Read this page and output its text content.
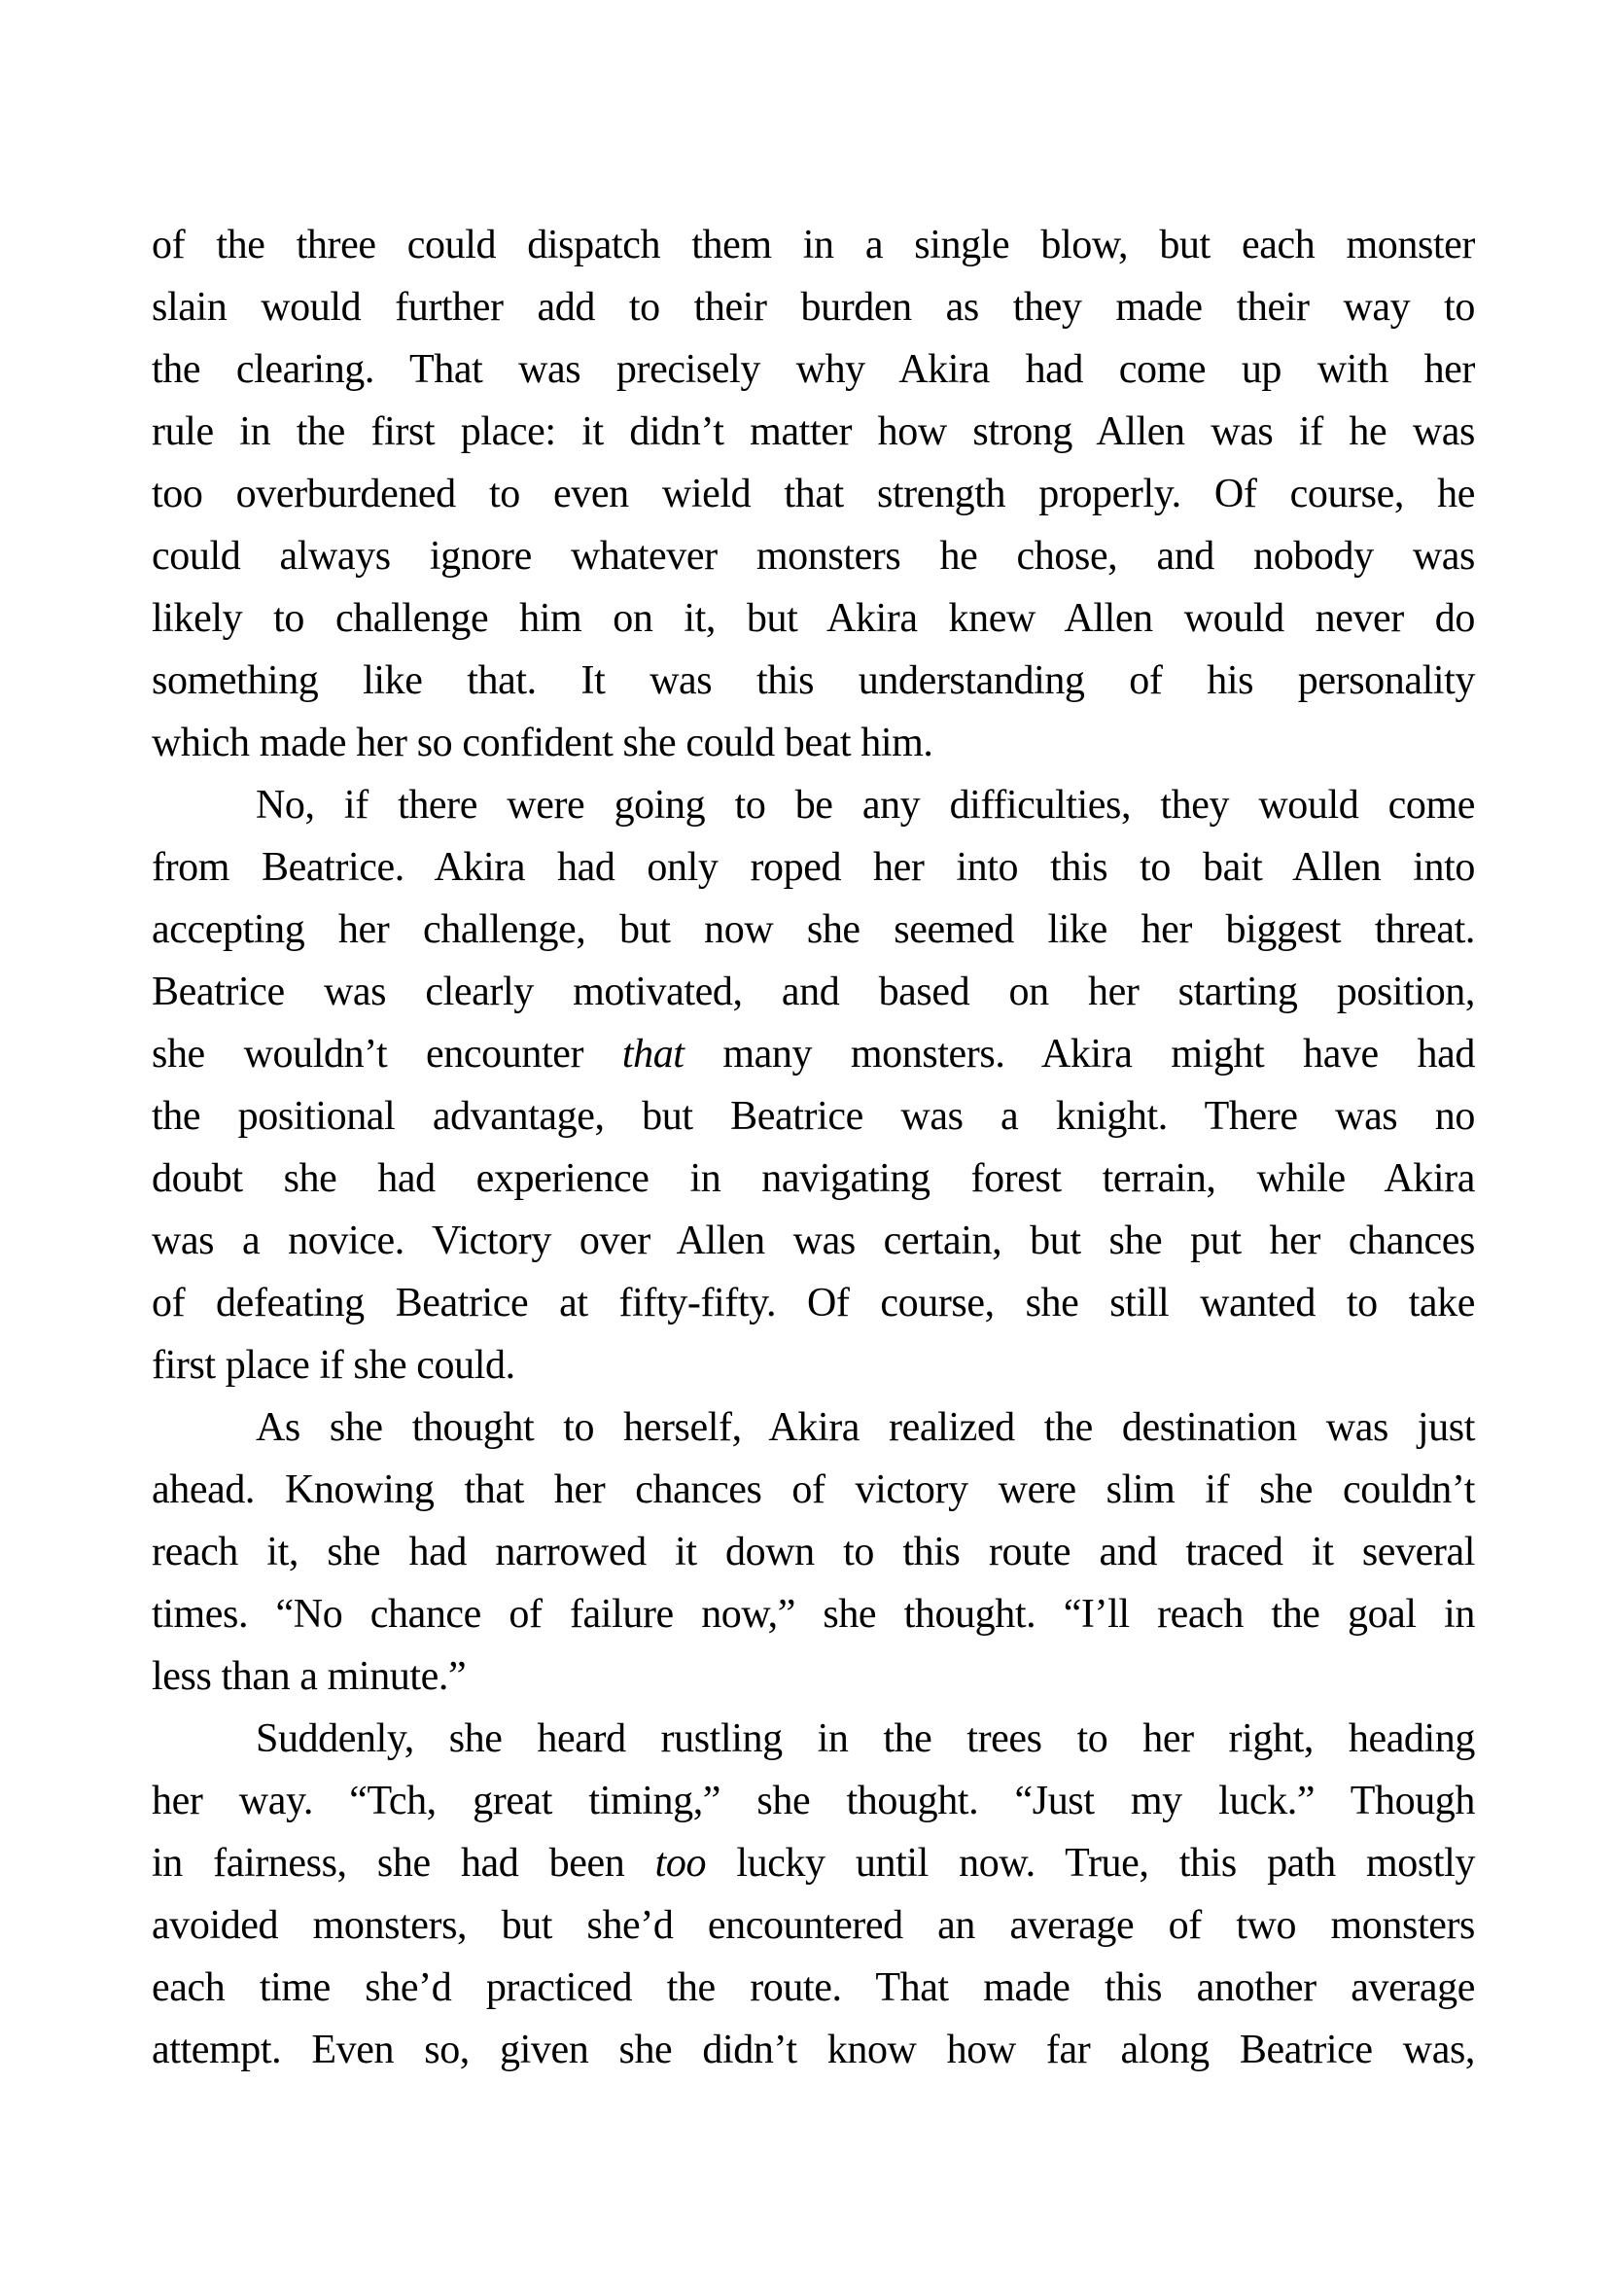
of the three could dispatch them in a single blow, but each monster
slain would further add to their burden as they made their way to
the clearing. That was precisely why Akira had come up with her
rule in the first place: it didn’t matter how strong Allen was if he was
too overburdened to even wield that strength properly. Of course, he
could always ignore whatever monsters he chose, and nobody was
likely to challenge him on it, but Akira knew Allen would never do
something like that. It was this understanding of his personality
which made her so confident she could beat him.
No, if there were going to be any difficulties, they would come
from Beatrice. Akira had only roped her into this to bait Allen into
accepting her challenge, but now she seemed like her biggest threat.
Beatrice was clearly motivated, and based on her starting position,
she wouldn’t encounter that many monsters. Akira might have had
the positional advantage, but Beatrice was a knight. There was no
doubt she had experience in navigating forest terrain, while Akira
was a novice. Victory over Allen was certain, but she put her chances
of defeating Beatrice at fifty-fifty. Of course, she still wanted to take
first place if she could.
As she thought to herself, Akira realized the destination was just
ahead. Knowing that her chances of victory were slim if she couldn’t
reach it, she had narrowed it down to this route and traced it several
times. “No chance of failure now,” she thought. “I’ll reach the goal in
less than a minute.”
Suddenly, she heard rustling in the trees to her right, heading
her way. “Tch, great timing,” she thought. “Just my luck.” Though
in fairness, she had been too lucky until now. True, this path mostly
avoided monsters, but she’d encountered an average of two monsters
each time she’d practiced the route. That made this another average
attempt. Even so, given she didn’t know how far along Beatrice was,
